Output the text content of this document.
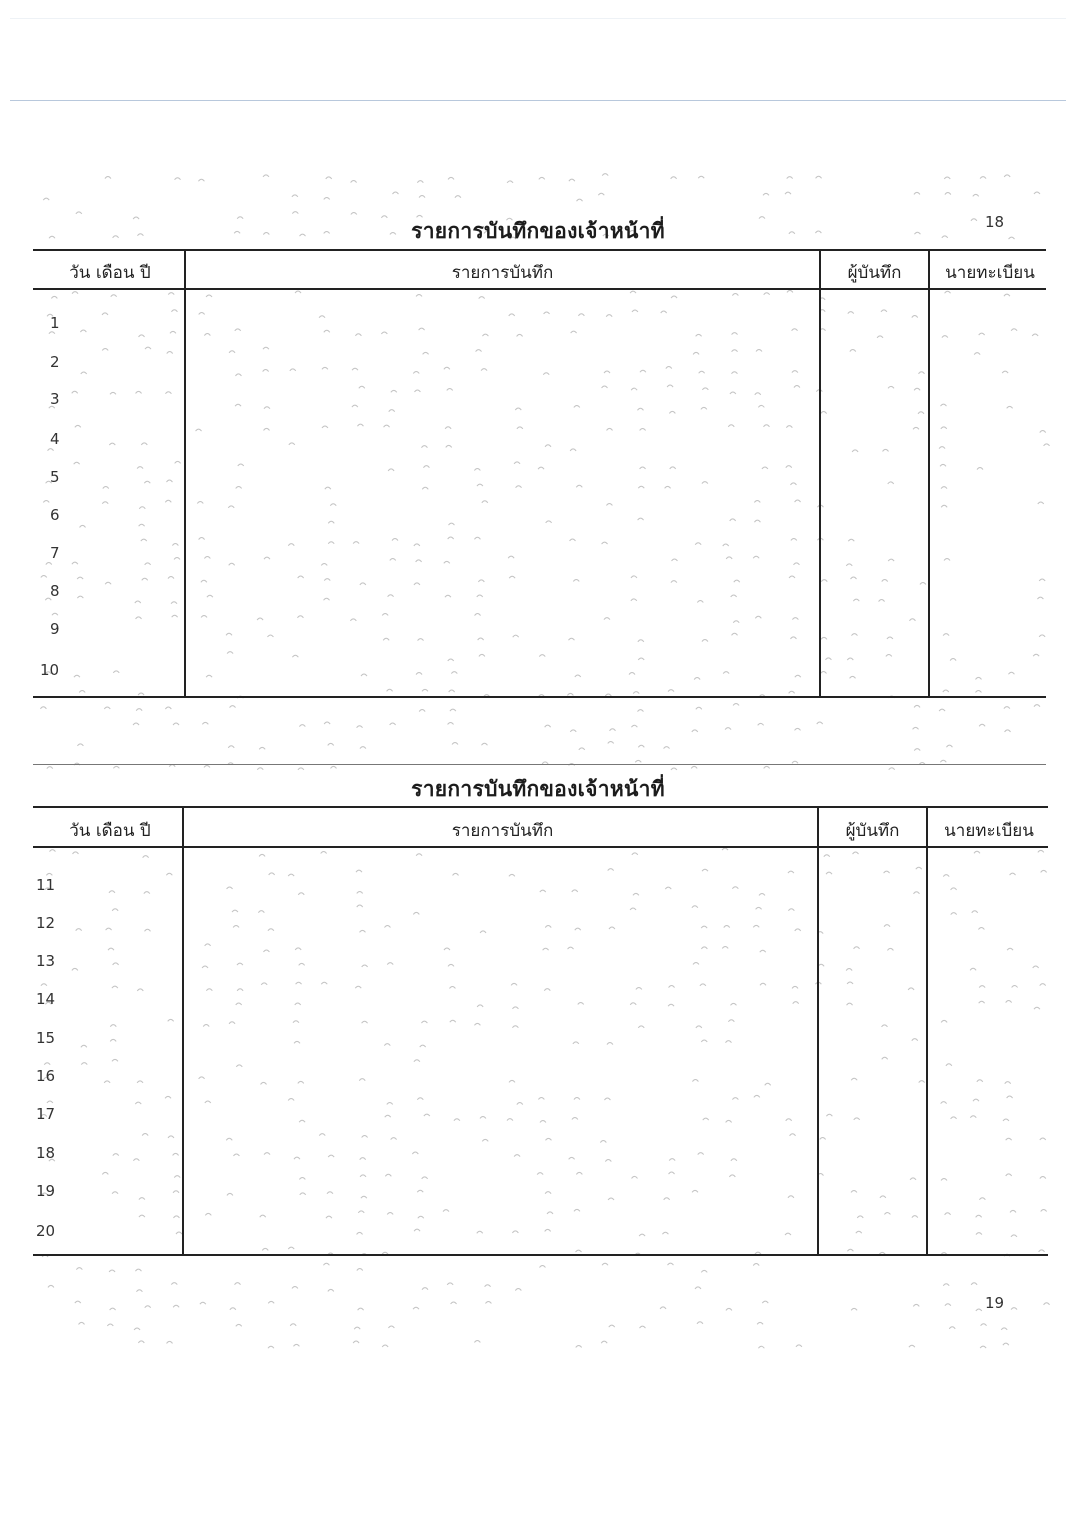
18
รายการบันทึกของเจ้าหน้าที่
วัน เดือน ปี	รายการบันทึก	ผู้บันทึก	นายทะเบียน
1
2
3
4
5
6
7
8
9
10
รายการบันทึกของเจ้าหน้าที่
วัน เดือน ปี	รายการบันทึก	ผู้บันทึก	นายทะเบียน
11
12
13
14
15
16
17
18
19
20
19
